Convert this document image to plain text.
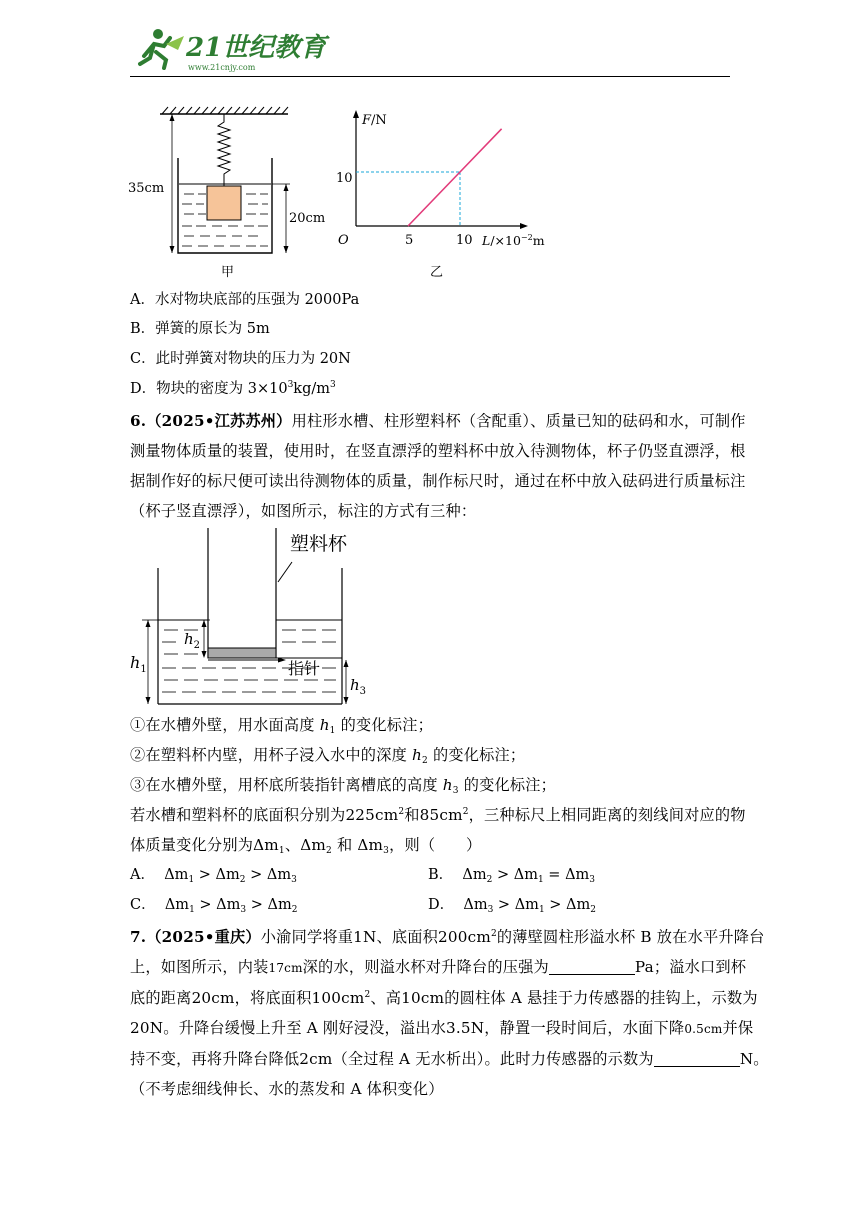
21世纪教育
www.21cnjy.com
35cm
20cm
甲
F/N
10
O	5	10 $L/\times 10^{-2}m$
乙
A．水对物块底部的压强为 2000Pa
B．弹簧的原长为 5m
C．此时弹簧对物块的压力为 20N
D．物块的密度为 $3\times 10^3kg/m^3$
6.（2025•江苏苏州）用柱形水槽、柱形塑料杯（含配重）、质量已知的砝码和水，可制作
测量物体质量的装置，使用时，在竖直漂浮的塑料杯中放入待测物体，杯子仍竖直漂浮，根
据制作好的标尺便可读出待测物体的质量，制作标尺时，通过在杯中放入砝码进行质量标注
（杯子竖直漂浮），如图所示，标注的方式有三种：
塑料杯
指针
$h_1$
$h_2$
$h_3$
①在水槽外壁，用水面高度 $h_1$ 的变化标注；
②在塑料杯内壁，用杯子浸入水中的深度 $h_2$ 的变化标注；
③在水槽外壁，用杯底所装指针离槽底的高度 $h_3$ 的变化标注；
若水槽和塑料杯的底面积分别为$225cm^2$和$85cm^2$，三种标尺上相同距离的刻线间对应的物
体质量变化分别为$\Delta m_1$、$\Delta m_2$ 和 $\Delta m_3$，则（　　）
A． $\Delta m_1 > \Delta m_2 > \Delta m_3$	B． $\Delta m_2 > \Delta m_1 = \Delta m_3$
C． $\Delta m_1 > \Delta m_3 > \Delta m_2$	D． $\Delta m_3 > \Delta m_1 > \Delta m_2$
7.（2025•重庆）小渝同学将重1N、底面积$200cm^2$的薄壁圆柱形溢水杯 B 放在水平升降台
上，如图所示，内装17cm深的水，则溢水杯对升降台的压强为	Pa；溢水口到杯
底的距离20cm，将底面积$100cm^2$、高10cm的圆柱体 A 悬挂于力传感器的挂钩上，示数为
20N。升降台缓慢上升至 A 刚好浸没，溢出水3.5N，静置一段时间后，水面下降0.5cm并保
持不变，再将升降台降低2cm（全过程 A 无水析出）。此时力传感器的示数为	N。
（不考虑细线伸长、水的蒸发和 A 体积变化）
